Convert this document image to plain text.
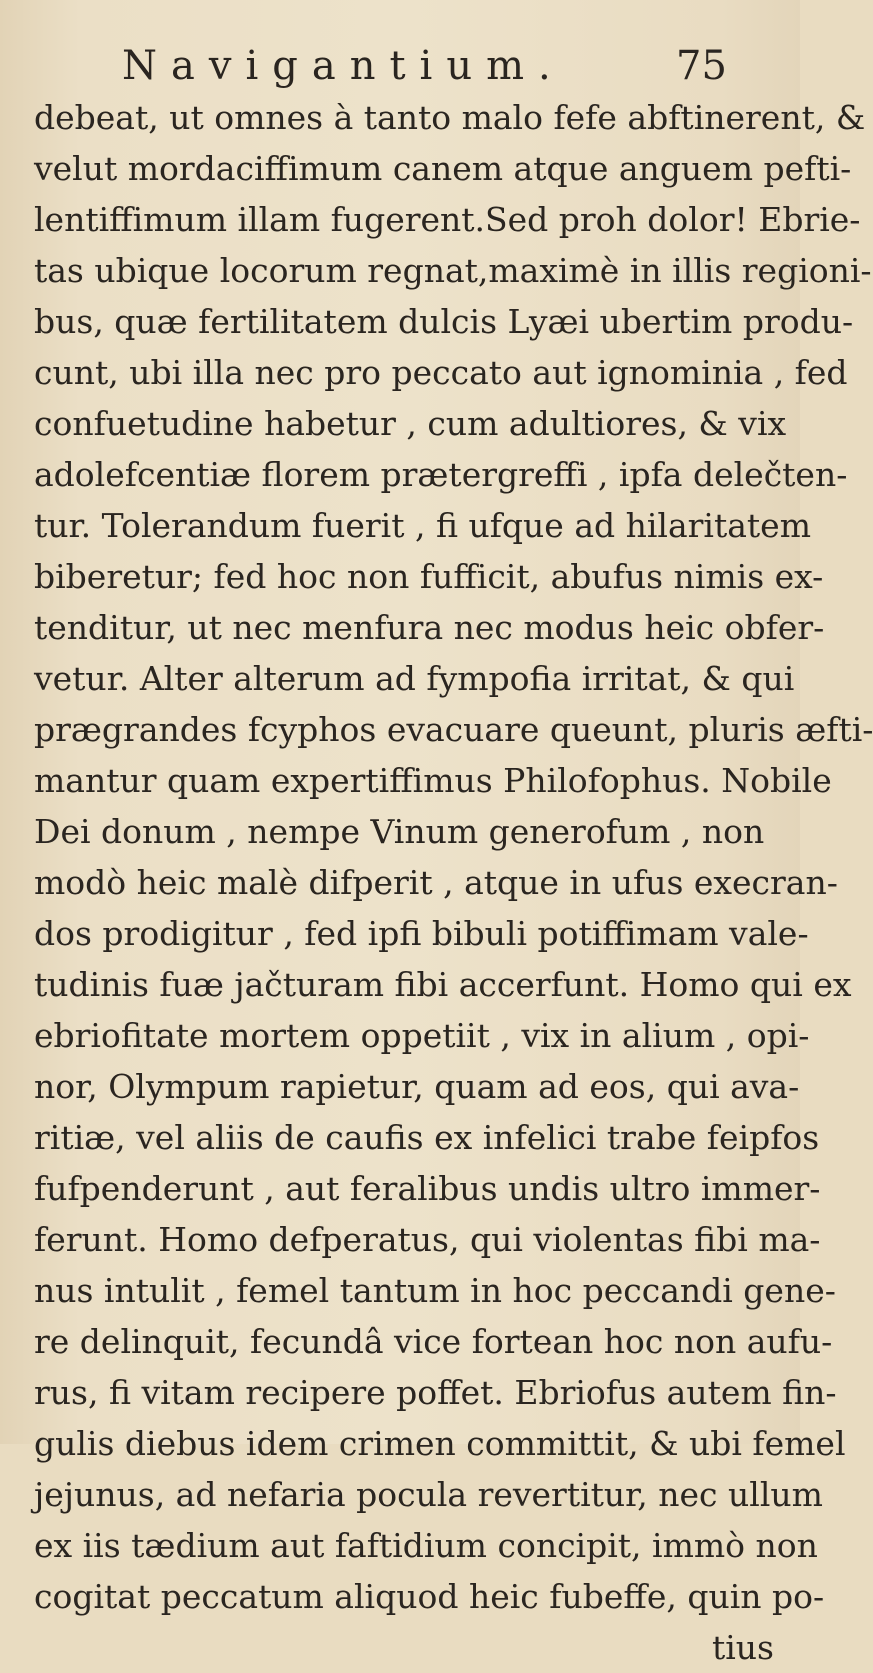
Navigantium.	75
debeat, ut omnes à tanto malo fefe abftinerent, &
velut mordaciffimum canem atque anguem pefti-
lentiffimum illam fugerent.Sed proh dolor! Ebrie-
tas ubique locorum regnat,maximè in illis regioni-
bus, quæ fertilitatem dulcis Lyæi ubertim produ-
cunt, ubi illa nec pro peccato aut ignominia , fed
confuetudine habetur , cum adultiores, & vix
adolefcentiæ florem prætergreffi , ipfa delečten-
tur. Tolerandum fuerit , fi ufque ad hilaritatem
biberetur; fed hoc non fufficit, abufus nimis ex-
tenditur, ut nec menfura nec modus heic obfer-
vetur. Alter alterum ad fympofia irritat, & qui
prægrandes fcyphos evacuare queunt, pluris æfti-
mantur quam expertiffimus Philofophus. Nobile
Dei donum , nempe Vinum generofum , non
modò heic malè difperit , atque in ufus execran-
dos prodigitur , fed ipfi bibuli potiffimam vale-
tudinis fuæ jačturam fibi accerfunt. Homo qui ex
ebriofitate mortem oppetiit , vix in alium , opi-
nor, Olympum rapietur, quam ad eos, qui ava-
ritiæ, vel aliis de caufis ex infelici trabe feipfos
fufpenderunt , aut feralibus undis ultro immer-
ferunt. Homo defperatus, qui violentas fibi ma-
nus intulit , femel tantum in hoc peccandi gene-
re delinquit, fecundâ vice fortean hoc non aufu-
rus, fi vitam recipere poffet. Ebriofus autem fin-
gulis diebus idem crimen committit, & ubi femel
jejunus, ad nefaria pocula revertitur, nec ullum
ex iis tædium aut faftidium concipit, immò non
cogitat peccatum aliquod heic fubeffe, quin po-
tius
